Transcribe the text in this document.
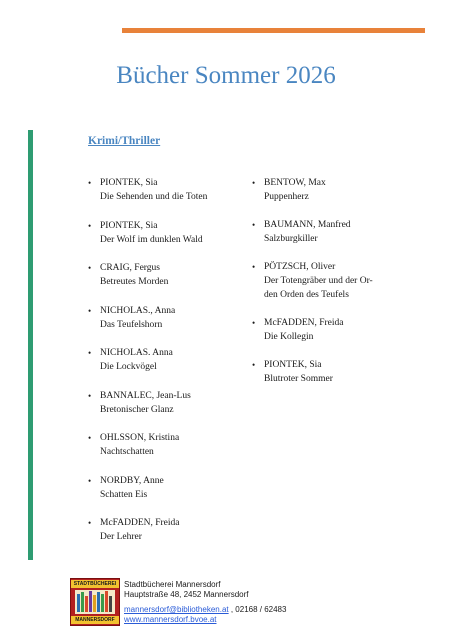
Bücher Sommer 2026
Krimi/Thriller
• PIONTEK, Sia
Die Sehenden und die Toten
• PIONTEK, Sia
Der Wolf im dunklen Wald
• CRAIG, Fergus
Betreutes Morden
• NICHOLAS., Anna
Das Teufelshorn
• NICHOLAS. Anna
Die Lockvögel
• BANNALEC, Jean-Lus
Bretonischer Glanz
• OHLSSON, Kristina
Nachtschatten
• NORDBY, Anne
Schatten Eis
• McFADDEN, Freida
Der Lehrer
• BENTOW, Max
Puppenherz
• BAUMANN, Manfred
Salzburgkiller
• PÖTZSCH, Oliver
Der Totengräber und der Or-
den Orden des Teufels
• McFADDEN, Freida
Die Kollegin
• PIONTEK, Sia
Blutroter Sommer
STADTBÜCHEREI
MANNERSDORF
Stadtbücherei Mannersdorf
Hauptstraße 48, 2452 Mannersdorf
mannersdorf@bibliotheken.at , 02168 / 62483
www.mannersdorf.bvoe.at
